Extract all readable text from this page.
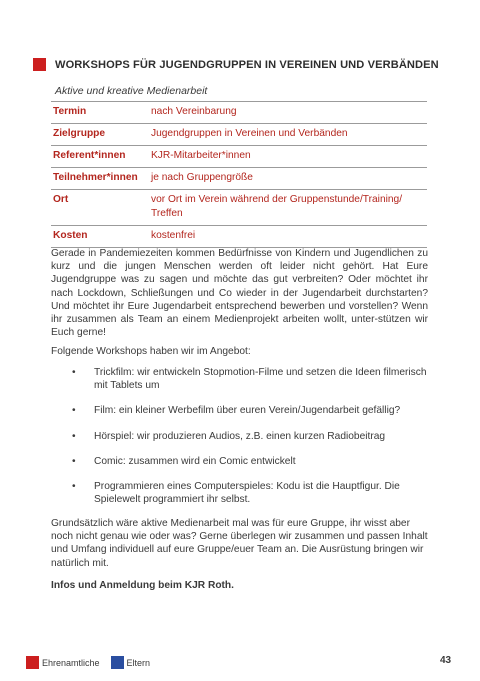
WORKSHOPS FÜR JUGENDGRUPPEN IN VEREINEN UND VERBÄNDEN
Aktive und kreative Medienarbeit
Termin	nach Vereinbarung
Zielgruppe	Jugendgruppen in Vereinen und Verbänden
Referent*innen	KJR-Mitarbeiter*innen
Teilnehmer*innen	je nach Gruppengröße
Ort	vor Ort im Verein während der Gruppenstunde/Training/ Treffen
Kosten	kostenfrei

Gerade in Pandemiezeiten kommen Bedürfnisse von Kindern und Jugendlichen zu kurz und die jungen Menschen werden oft leider nicht gehört. Hat Eure Jugendgruppe was zu sagen und möchte das gut verbreiten? Oder möchtet ihr nach Lockdown, Schließungen und Co wieder in der Jugendarbeit durchstarten? Und möchtet ihr Eure Jugendarbeit entsprechend bewerben und vorstellen? Wenn ihr zusammen als Team an einem Medienprojekt arbeiten wollt, unter-stützen wir Euch gerne!

Folgende Workshops haben wir im Angebot:

• Trickfilm: wir entwickeln Stopmotion-Filme und setzen die Ideen filmerisch mit Tablets um
• Film: ein kleiner Werbefilm über euren Verein/Jugendarbeit gefällig?
• Hörspiel: wir produzieren Audios, z.B. einen kurzen Radiobeitrag
• Comic: zusammen wird ein Comic entwickelt
• Programmieren eines Computerspieles: Kodu ist die Hauptfigur. Die Spielewelt programmiert ihr selbst.

Grundsätzlich wäre aktive Medienarbeit mal was für eure Gruppe, ihr wisst aber noch nicht genau wie oder was? Gerne überlegen wir zusammen und passen Inhalt und Umfang individuell auf eure Gruppe/euer Team an. Die Ausrüstung bringen wir natürlich mit.

Infos und Anmeldung beim KJR Roth.

Ehrenamtliche	Eltern	43
